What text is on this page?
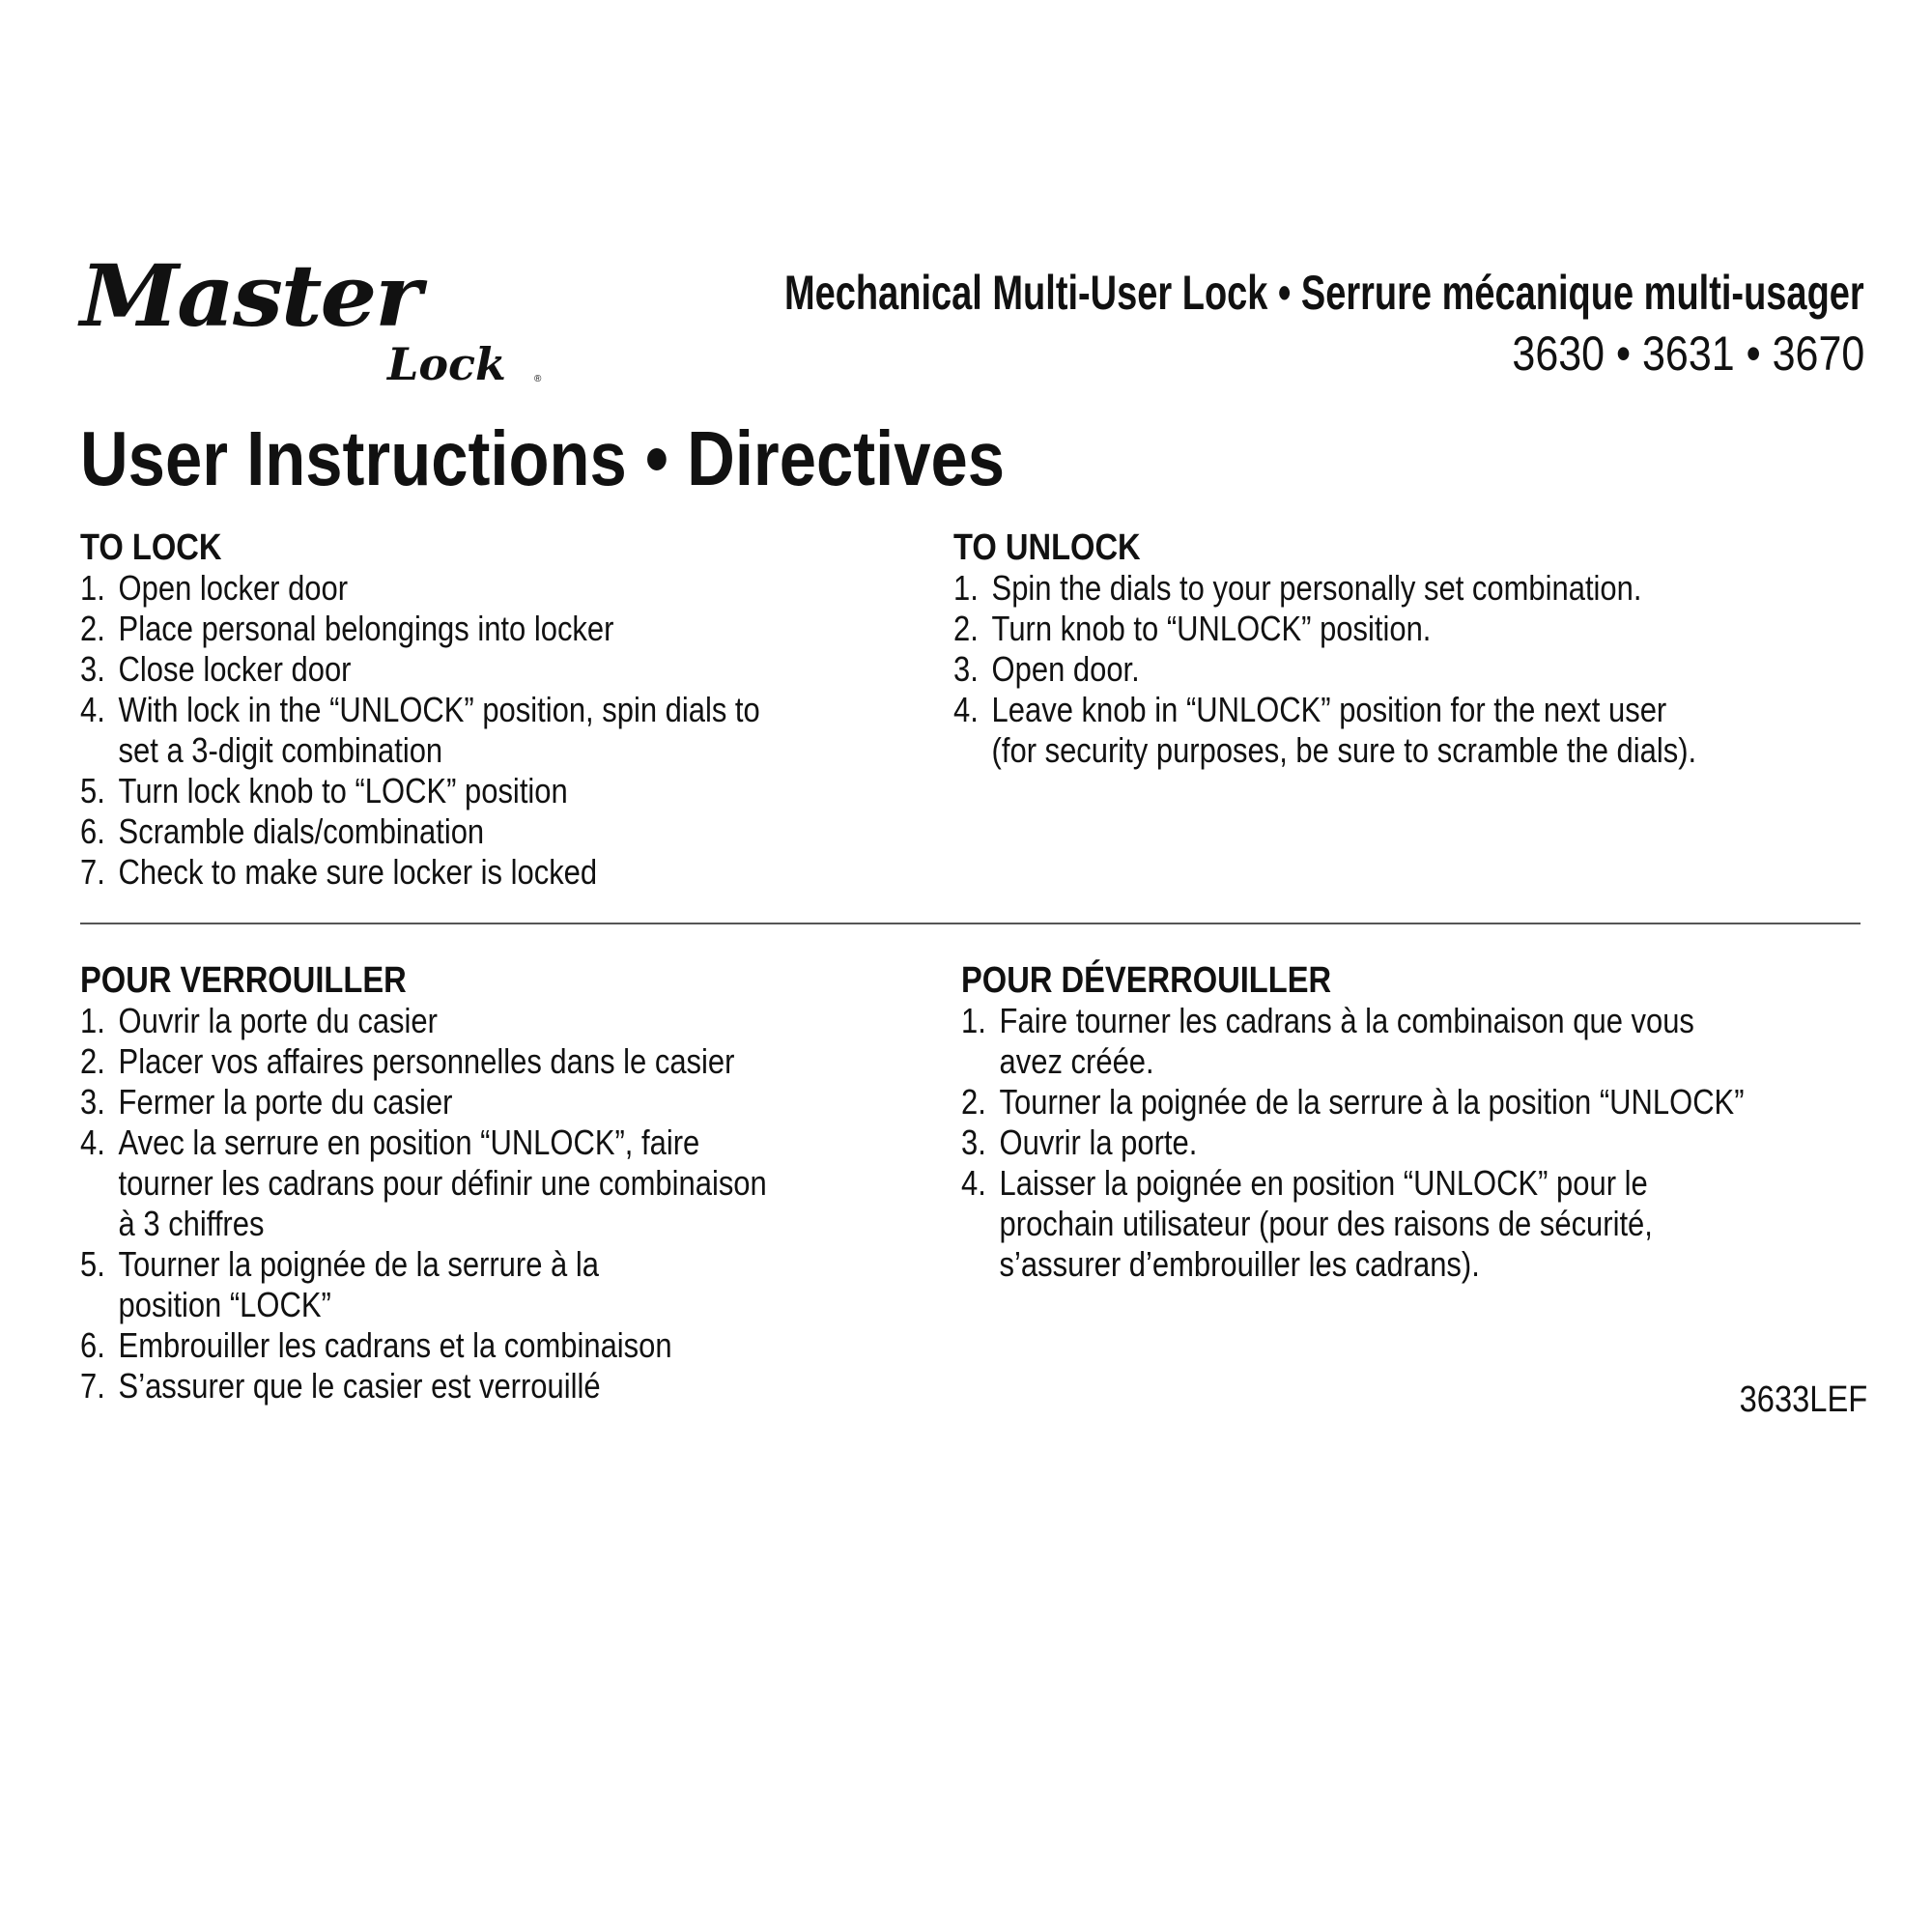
Master
Lock	®
Mechanical Multi-User Lock • Serrure mécanique multi-usager
3630 • 3631 • 3670
User Instructions • Directives
TO LOCK
1. Open locker door
2. Place personal belongings into locker
3. Close locker door
4. With lock in the “UNLOCK” position, spin dials to
set a 3-digit combination
5. Turn lock knob to “LOCK” position
6. Scramble dials/combination
7. Check to make sure locker is locked
TO UNLOCK
1. Spin the dials to your personally set combination.
2. Turn knob to “UNLOCK” position.
3. Open door.
4. Leave knob in “UNLOCK” position for the next user
(for security purposes, be sure to scramble the dials).
POUR VERROUILLER
1. Ouvrir la porte du casier
2. Placer vos affaires personnelles dans le casier
3. Fermer la porte du casier
4. Avec la serrure en position “UNLOCK”, faire
tourner les cadrans pour définir une combinaison
à 3 chiffres
5. Tourner la poignée de la serrure à la
position “LOCK”
6. Embrouiller les cadrans et la combinaison
7. S’assurer que le casier est verrouillé
POUR DÉVERROUILLER
1. Faire tourner les cadrans à la combinaison que vous
avez créée.
2. Tourner la poignée de la serrure à la position “UNLOCK”
3. Ouvrir la porte.
4. Laisser la poignée en position “UNLOCK” pour le
prochain utilisateur (pour des raisons de sécurité,
s’assurer d’embrouiller les cadrans).
3633LEF
